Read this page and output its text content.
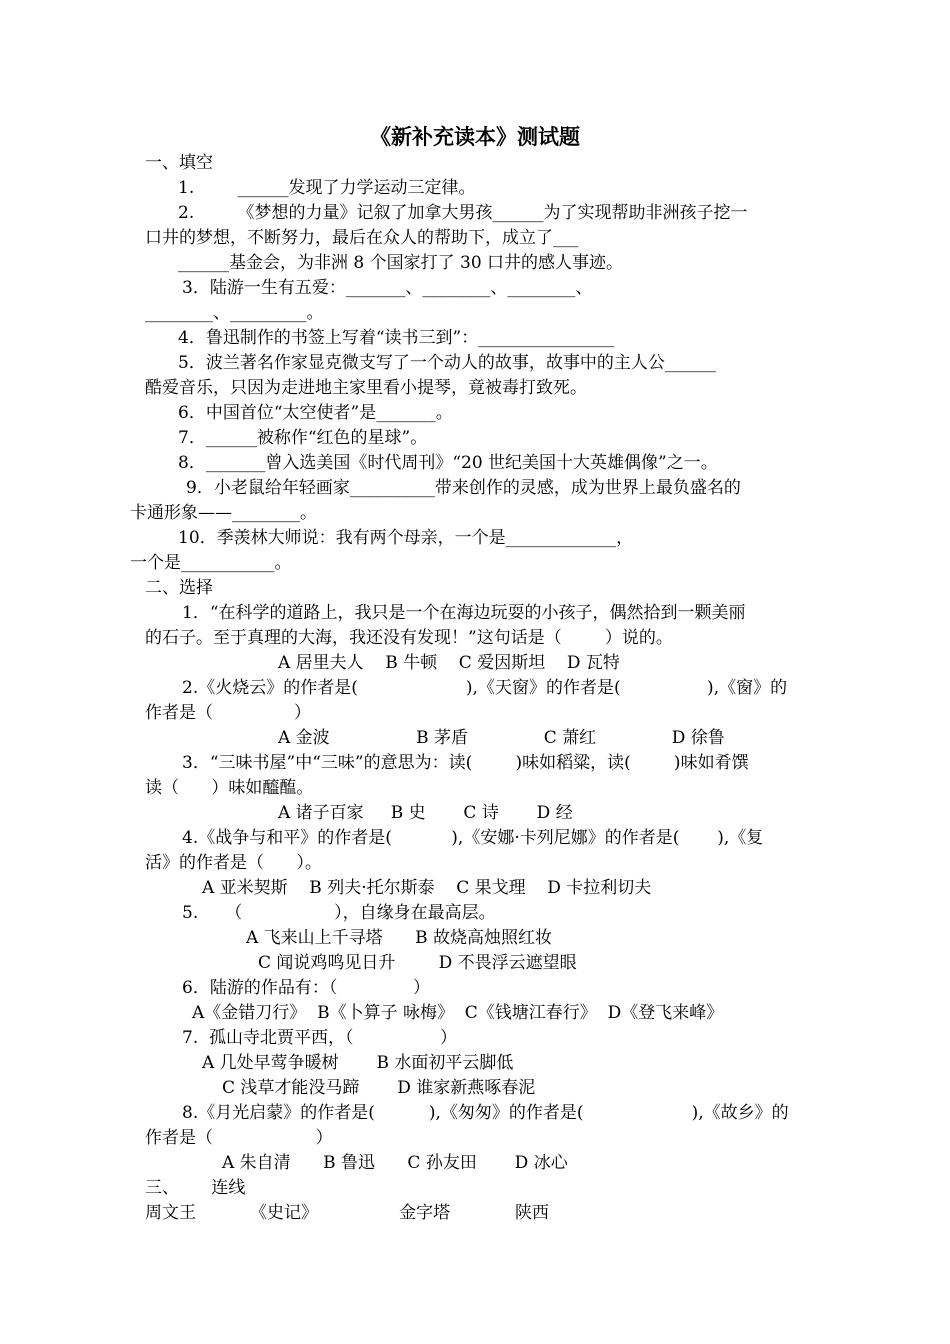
《新补充读本》测试题
一、填空
1.        ______发现了力学运动三定律。
2.        《梦想的力量》记叙了加拿大男孩______为了实现帮助非洲孩子挖一
口井的梦想，不断努力，最后在众人的帮助下，成立了___
______基金会，为非洲 8 个国家打了 30 口井的感人事迹。
3．陆游一生有五爱：_______、________、________、
________、_________。
4．鲁迅制作的书签上写着“读书三到”：________________
5．波兰著名作家显克微支写了一个动人的故事，故事中的主人公______
酷爱音乐，只因为走进地主家里看小提琴，竟被毒打致死。
6．中国首位“太空使者”是_______。
7．______被称作“红色的星球”。
8．_______曾入选美国《时代周刊》“20 世纪美国十大英雄偶像”之一。
9．小老鼠给年轻画家__________带来创作的灵感，成为世界上最负盛名的
卡通形象——________。
10．季羡林大师说：我有两个母亲，一个是_____________，
一个是___________。
二、选择
1．“在科学的道路上，我只是一个在海边玩耍的小孩子，偶然拾到一颗美丽
的石子。至于真理的大海，我还没有发现！”这句话是（        ）说的。
A 居里夫人    B 牛顿    C 爱因斯坦    D 瓦特
2.《火烧云》的作者是(                    ),《天窗》的作者是(                ),《窗》的
作者是（               ）
A 金波                B 茅盾              C 萧红              D 徐鲁
3．“三味书屋”中“三味”的意思为：读(        )味如稻粱，读(        )味如肴馔
读（      ）味如醯醢。
A 诸子百家     B 史       C 诗       D 经
4.《战争与和平》的作者是(           ),《安娜·卡列尼娜》的作者是(       ),《复
活》的作者是（      ）。
A 亚米契斯    B 列夫·托尔斯泰    C 果戈理    D 卡拉利切夫
5.     （                 ），自缘身在最高层。
A 飞来山上千寻塔      B 故烧高烛照红妆
C 闻说鸡鸣见日升        D 不畏浮云遮望眼
6．陆游的作品有：（              ）
A《金错刀行》  B《卜算子 咏梅》  C《钱塘江春行》  D《登飞来峰》
7.  孤山寺北贾平西，（                ）
A 几处早莺争暖树       B 水面初平云脚低
C 浅草才能没马蹄       D 谁家新燕啄春泥
8.《月光启蒙》的作者是(          ),《匆匆》的作者是(                    ),《故乡》的
作者是（                   ）
A 朱自清      B 鲁迅      C 孙友田       D 冰心
三、      连线
周文王          《史记》               金字塔            陕西
